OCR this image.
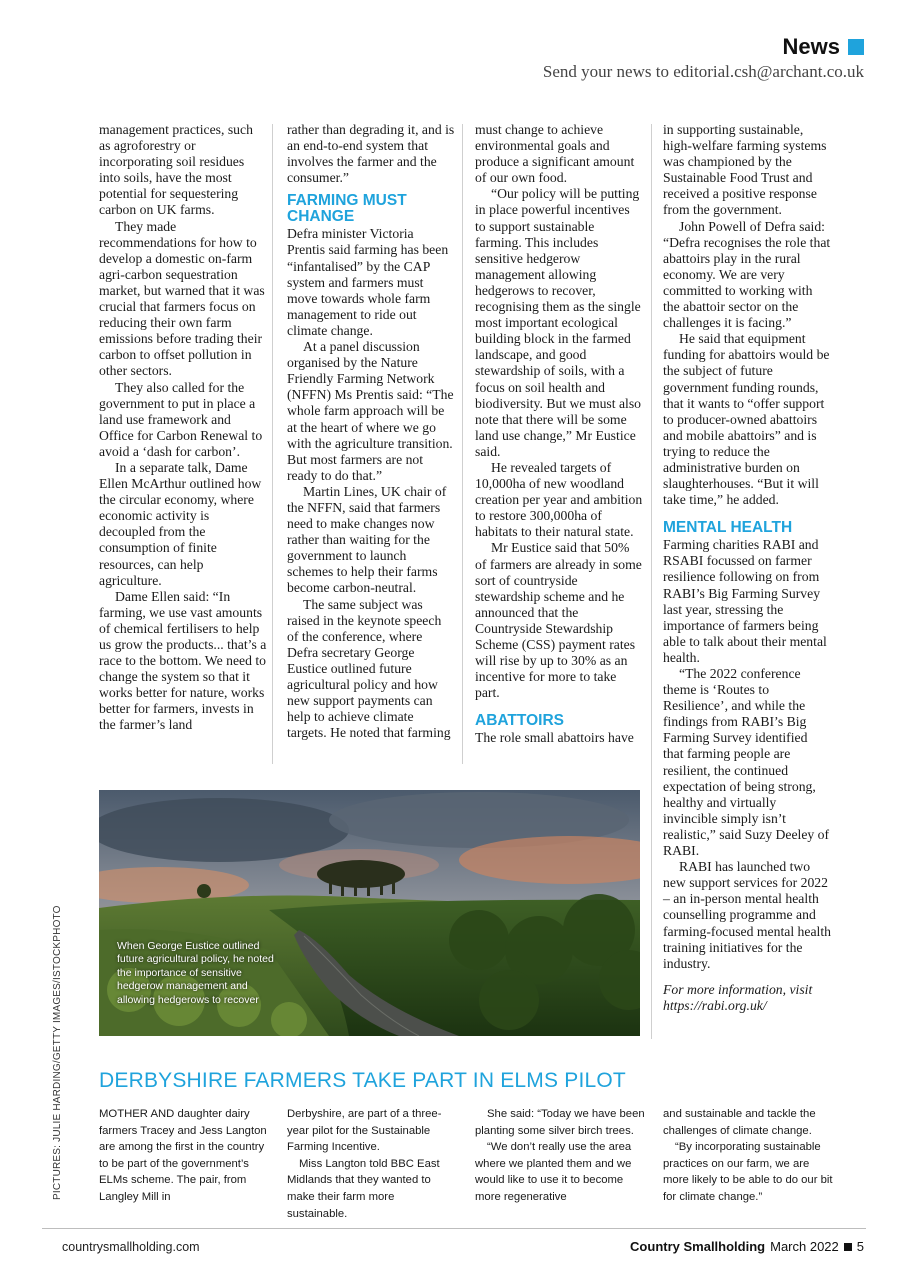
News
Send your news to editorial.csh@archant.co.uk

management practices, such as agroforestry or incorporating soil residues into soils, have the most potential for sequestering carbon on UK farms.

They made recommendations for how to develop a domestic on-farm agri-carbon sequestration market, but warned that it was crucial that farmers focus on reducing their own farm emissions before trading their carbon to offset pollution in other sectors.

They also called for the government to put in place a land use framework and Office for Carbon Renewal to avoid a ‘dash for carbon’.

In a separate talk, Dame Ellen McArthur outlined how the circular economy, where economic activity is decoupled from the consumption of finite resources, can help agriculture.

Dame Ellen said: “In farming, we use vast amounts of chemical fertilisers to help us grow the products... that’s a race to the bottom. We need to change the system so that it works better for nature, works better for farmers, invests in the farmer’s land

rather than degrading it, and is an end-to-end system that involves the farmer and the consumer.”

FARMING MUST CHANGE

Defra minister Victoria Prentis said farming has been “infantalised” by the CAP system and farmers must move towards whole farm management to ride out climate change.

At a panel discussion organised by the Nature Friendly Farming Network (NFFN) Ms Prentis said: “The whole farm approach will be at the heart of where we go with the agriculture transition. But most farmers are not ready to do that.”

Martin Lines, UK chair of the NFFN, said that farmers need to make changes now rather than waiting for the government to launch schemes to help their farms become carbon-neutral.

The same subject was raised in the keynote speech of the conference, where Defra secretary George Eustice outlined future agricultural policy and how new support payments can help to achieve climate targets. He noted that farming

must change to achieve environmental goals and produce a significant amount of our own food.

“Our policy will be putting in place powerful incentives to support sustainable farming. This includes sensitive hedgerow management allowing hedgerows to recover, recognising them as the single most important ecological building block in the farmed landscape, and good stewardship of soils, with a focus on soil health and biodiversity. But we must also note that there will be some land use change,” Mr Eustice said.

He revealed targets of 10,000ha of new woodland creation per year and ambition to restore 300,000ha of habitats to their natural state.

Mr Eustice said that 50% of farmers are already in some sort of countryside stewardship scheme and he announced that the Countryside Stewardship Scheme (CSS) payment rates will rise by up to 30% as an incentive for more to take part.

ABATTOIRS

The role small abattoirs have

in supporting sustainable, high-welfare farming systems was championed by the Sustainable Food Trust and received a positive response from the government.

John Powell of Defra said: “Defra recognises the role that abattoirs play in the rural economy. We are very committed to working with the abattoir sector on the challenges it is facing.”

He said that equipment funding for abattoirs would be the subject of future government funding rounds, that it wants to “offer support to producer-owned abattoirs and mobile abattoirs” and is trying to reduce the administrative burden on slaughterhouses. “But it will take time,” he added.

MENTAL HEALTH

Farming charities RABI and RSABI focussed on farmer resilience following on from RABI’s Big Farming Survey last year, stressing the importance of farmers being able to talk about their mental health.

“The 2022 conference theme is ‘Routes to Resilience’, and while the findings from RABI’s Big Farming Survey identified that farming people are resilient, the continued expectation of being strong, healthy and virtually invincible simply isn’t realistic,” said Suzy Deeley of RABI.

RABI has launched two new support services for 2022 – an in-person mental health counselling programme and farming-focused mental health training initiatives for the industry.

For more information, visit https://rabi.org.uk/

When George Eustice outlined future agricultural policy, he noted the importance of sensitive hedgerow management and allowing hedgerows to recover
PICTURES: JULIE HARDING/GETTY IMAGES/ISTOCKPHOTO DERBYSHIRE FARMERS TAKE PART IN ELMS PILOT

MOTHER AND daughter dairy farmers Tracey and Jess Langton are among the first in the country to be part of the government’s ELMs scheme. The pair, from Langley Mill in

Derbyshire, are part of a three-year pilot for the Sustainable Farming Incentive.

Miss Langton told BBC East Midlands that they wanted to make their farm more sustainable.

She said: “Today we have been planting some silver birch trees.

“We don’t really use the area where we planted them and we would like to use it to become more regenerative

and sustainable and tackle the challenges of climate change.

“By incorporating sustainable practices on our farm, we are more likely to be able to do our bit for climate change.”

countrysmallholding.com	Country Smallholding March 2022 5
